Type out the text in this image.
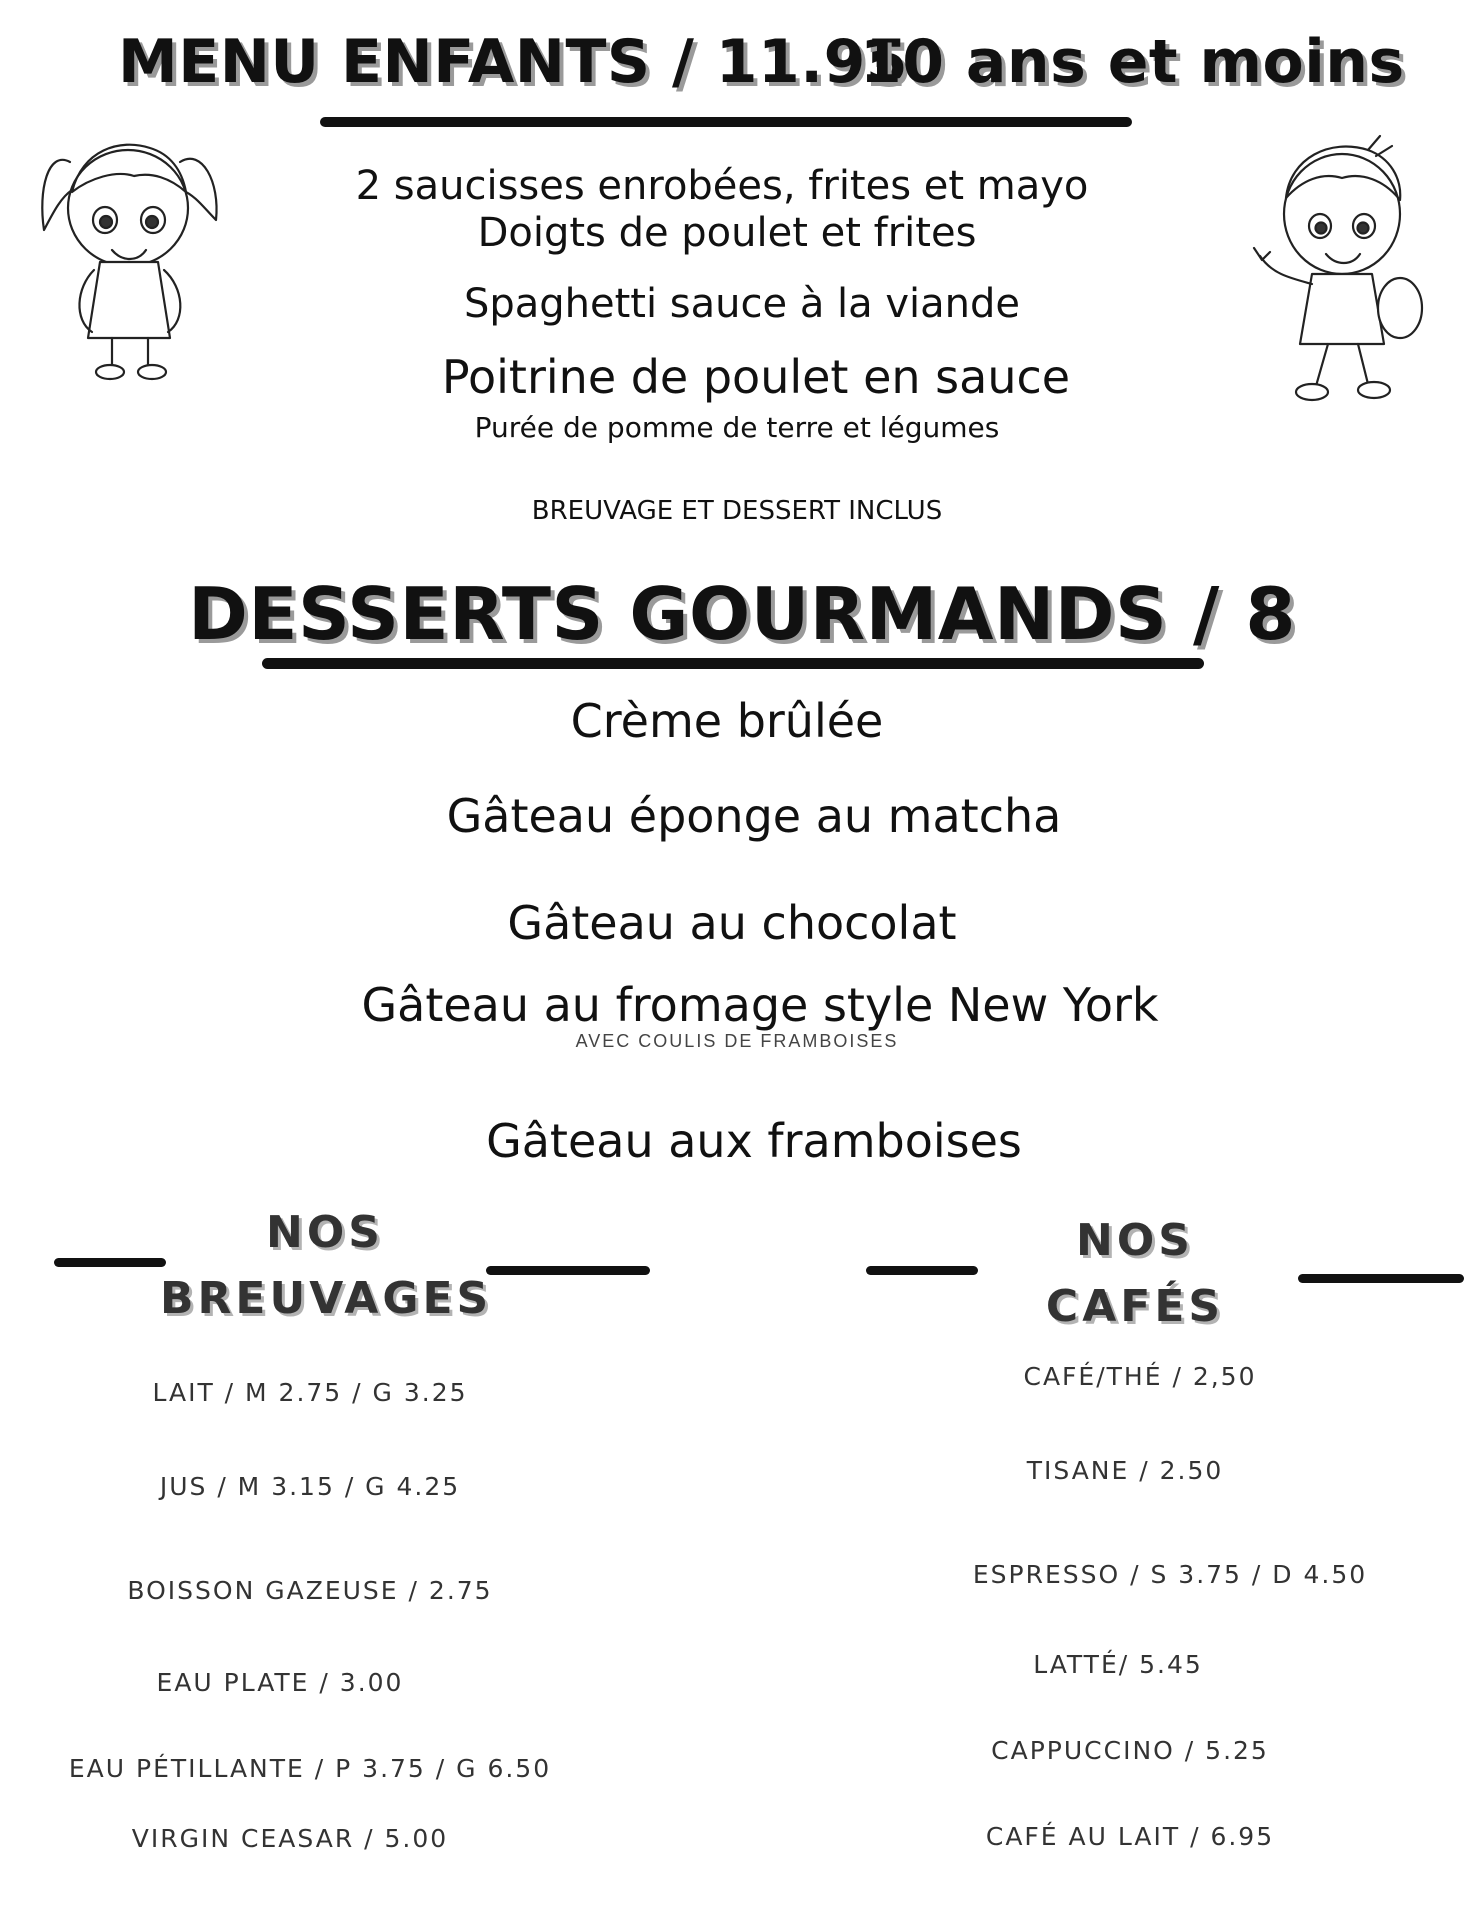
MENU ENFANTS / 11.95
10 ans et moins
2 saucisses enrobées, frites et mayo
Doigts de poulet et frites
Spaghetti sauce à la viande
Poitrine de poulet en sauce
Purée de pomme de terre et légumes
BREUVAGE ET DESSERT INCLUS
DESSERTS GOURMANDS / 8
Crème brûlée
Gâteau éponge au matcha
Gâteau au chocolat
Gâteau au fromage style New York
AVEC COULIS DE FRAMBOISES
Gâteau aux framboises
NOS
BREUVAGES
LAIT / M 2.75 / G 3.25
JUS / M 3.15 / G 4.25
BOISSON GAZEUSE / 2.75
EAU PLATE / 3.00
EAU PÉTILLANTE / P 3.75 / G 6.50
VIRGIN CEASAR / 5.00
NOS
CAFÉS
CAFÉ/THÉ / 2,50
TISANE / 2.50
ESPRESSO / S 3.75 / D 4.50
LATTÉ/ 5.45
CAPPUCCINO / 5.25
CAFÉ AU LAIT / 6.95
